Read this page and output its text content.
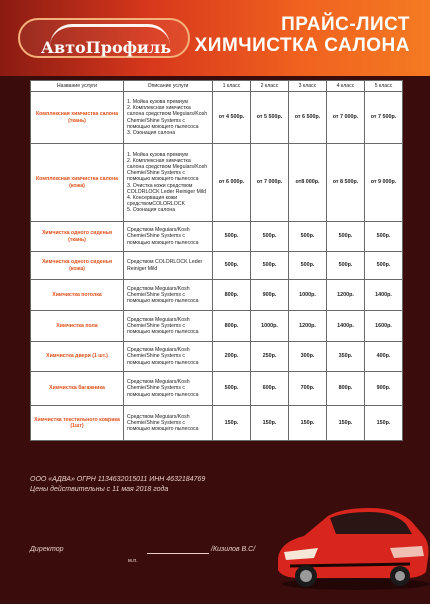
АвтоПрофиль
ПРАЙС-ЛИСТ
ХИМЧИСТКА САЛОНА
Название услуги	Описание услуги	1 класс	2 класс	3 класс	4 класс	5 класс
Комплексная химчистка салона (ткань)	1. Мойка кузова премиум
2. Комплексная химчистка салона средством Meguiars/Kosh Chemie/Shine Systems с помощью моющего пылесоса
3. Озонация салона	от 4 500р.	от 5 500р.	от 6 500р.	от 7 000р.	от 7 500р.
Комплексная химчистка салона (кожа)	1. Мойка кузова премиум
2. Комплексная химчистка салона средством Meguiars/Kosh Chemie/Shine Systems с помощью моющего пылесоса
3. Очистка кожи средством COLORLOCK Leder Reiniger Mild
4. Консервация кожи средствомCOLORLOCK
5. Озонация салона	от 6 000р.	от 7 000р.	от8 000р.	от 8 500р.	от 9 000р.
Химчистка одного сиденья (ткань)	Средством Meguiars/Kosh Chemie/Shine Systems с помощью моющего пылесоса	500р.	500р.	500р.	500р.	500р.
Химчистка одного сиденья (кожа)	Средством COLORLOCK Leder Reiniger Mild	500р.	500р.	500р.	500р.	500р.
Химчистка потолка	Средством Meguiars/Kosh Chemie/Shine Systems с помощью моющего пылесоса	800р.	900р.	1000р.	1200р.	1400р.
Химчистка пола	Средством Meguiars/Kosh Chemie/Shine Systems с помощью моющего пылесоса	800р.	1000р.	1200р.	1400р.	1600р.
Химчистка двери (1 шт.)	Средством Meguiars/Kosh Chemie/Shine Systems с помощью моющего пылесоса	200р.	250р.	300р.	350р.	400р.
Химчистка багажника	Средством Meguiars/Kosh Chemie/Shine Systems с помощью моющего пылесоса	500р.	600р.	700р.	800р.	900р.
Химчистка текстильного коврика (1шт)	Средством Meguiars/Kosh Chemie/Shine Systems с помощью моющего пылесоса	150р.	150р.	150р.	150р.	150р.
ООО «АДВА» ОГРН 1134632015011 ИНН 4632184769
Цены действительны с 11 мая 2018 года
Директор	/Кизилов В.С/
м.п.
